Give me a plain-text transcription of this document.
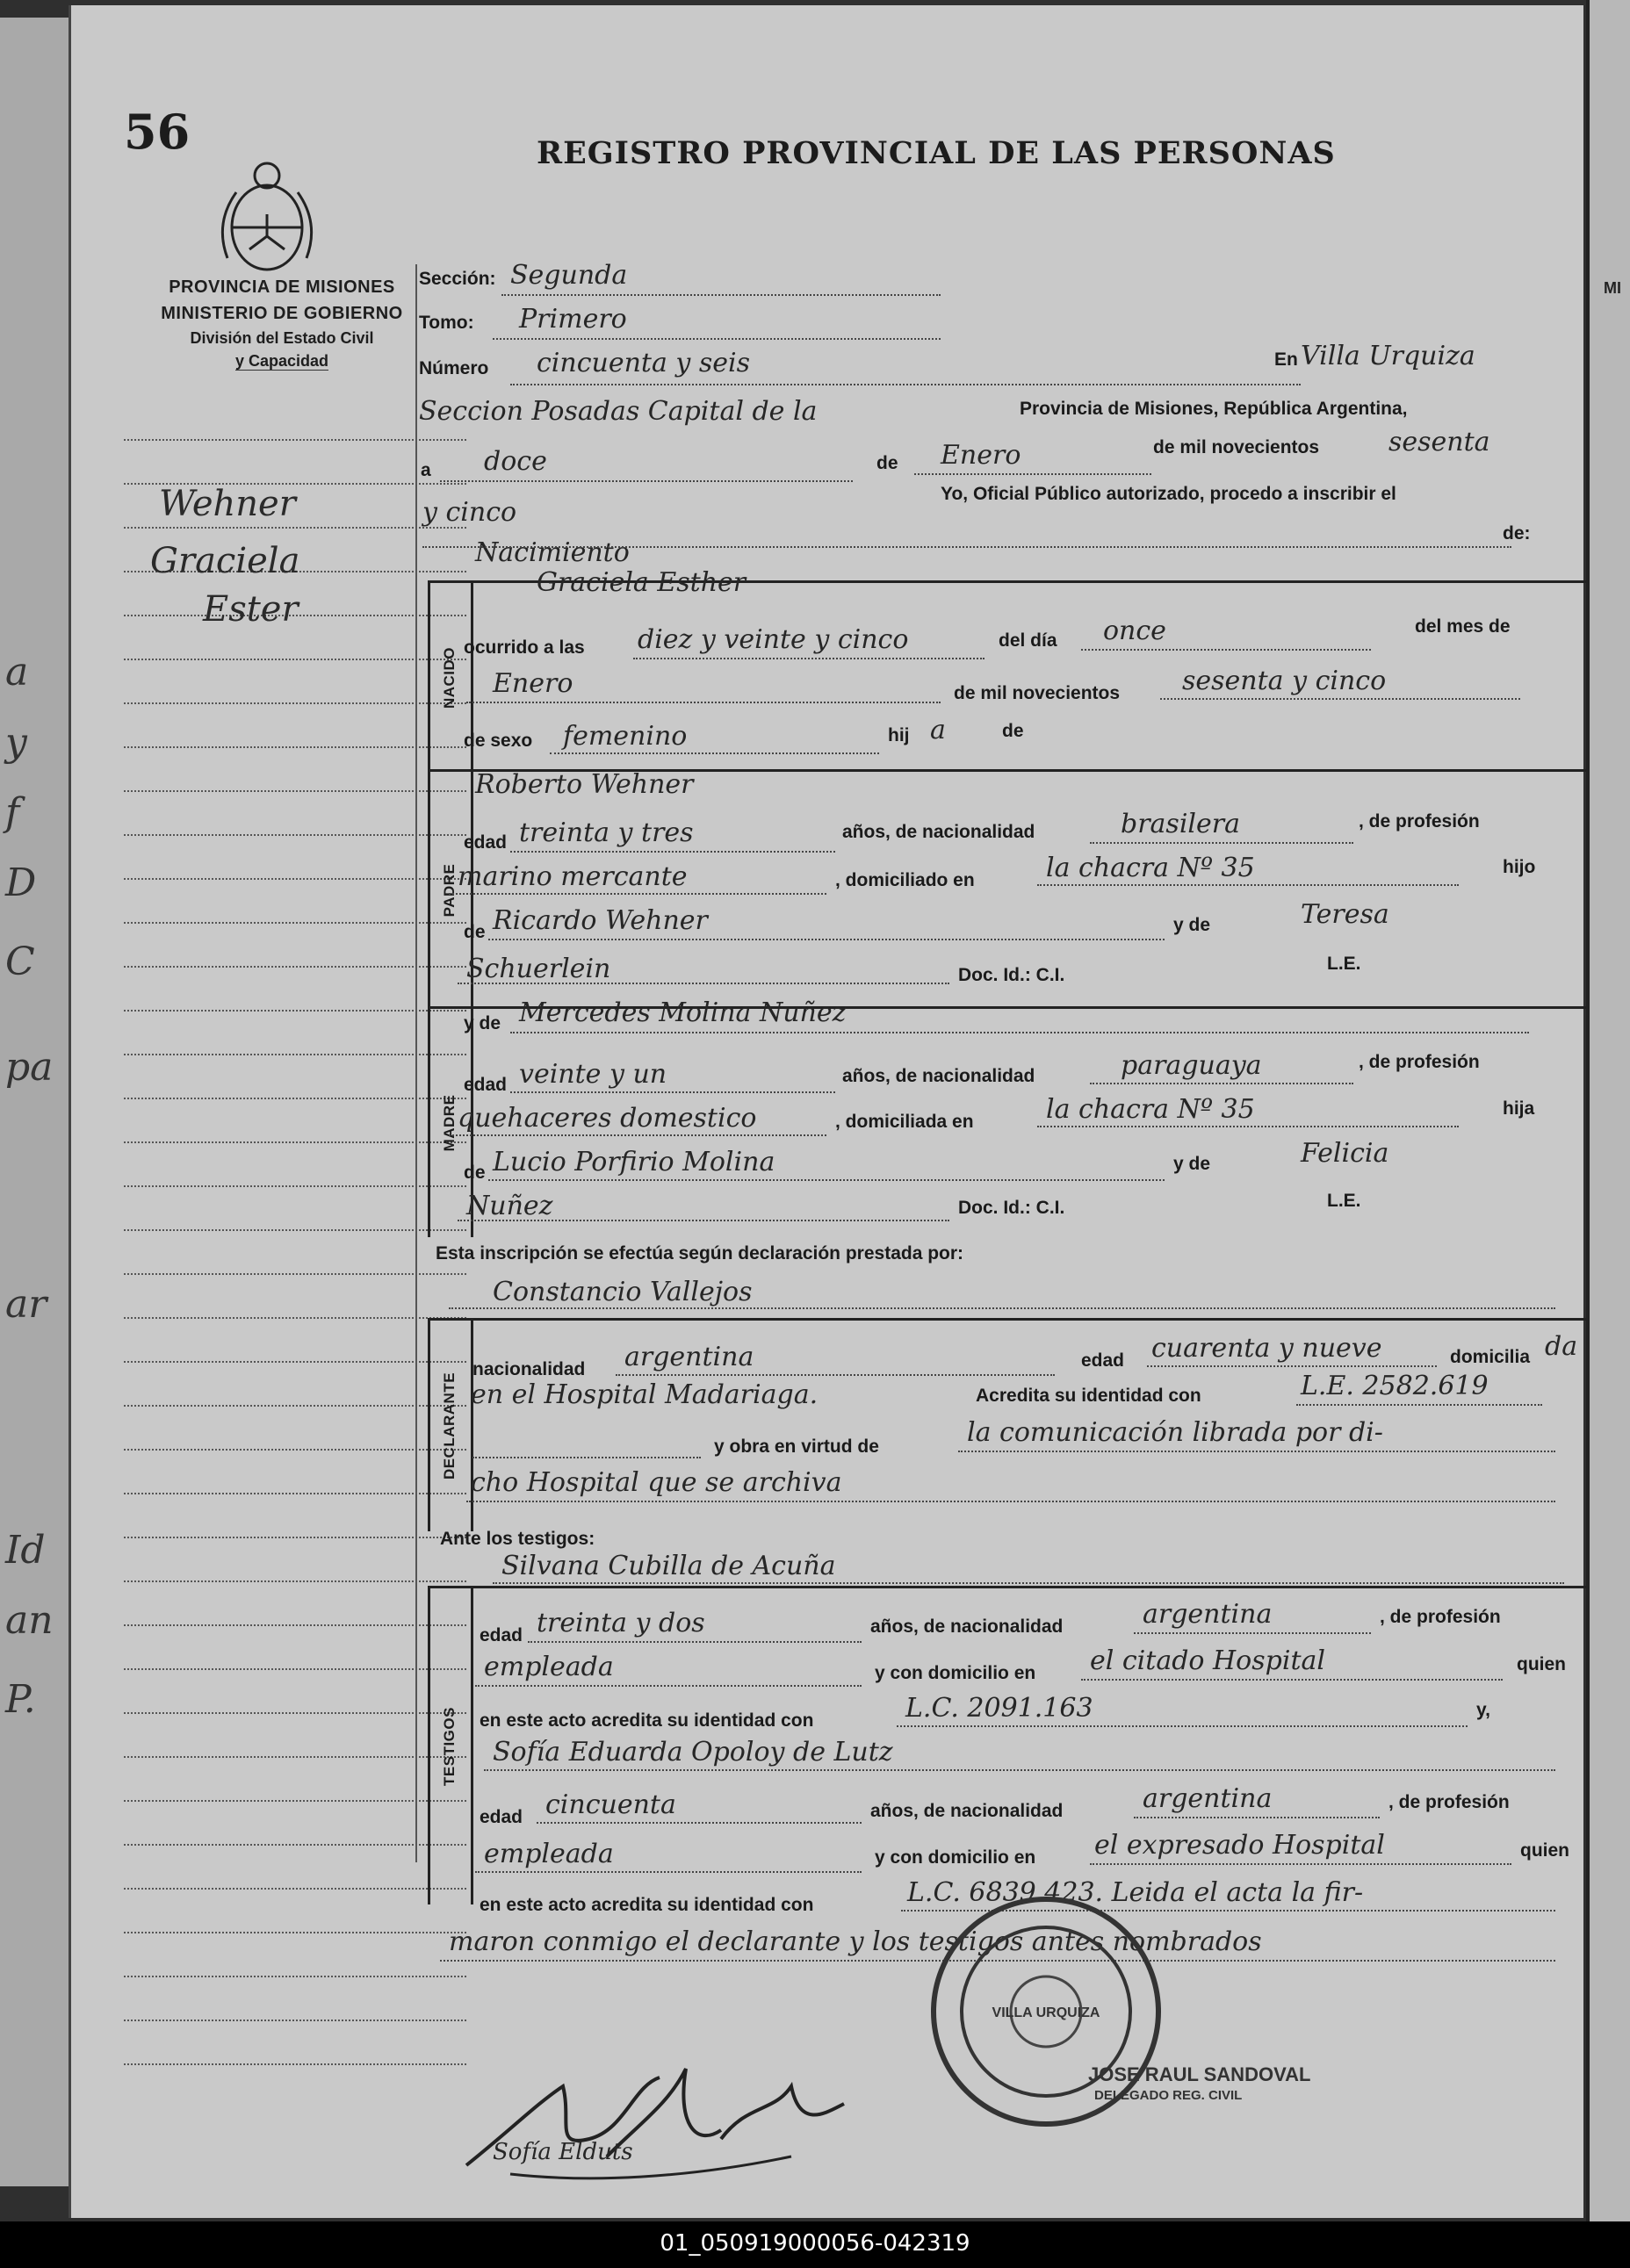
a
y
f
D
C
pa
ar
Id
an
P.
MI
56	REGISTRO PROVINCIAL DE LAS PERSONAS
PROVINCIA DE MISIONES
MINISTERIO DE GOBIERNO
División del Estado Civil
y Capacidad
Wehner
Graciela
Ester
Sección: Segunda
Tomo: Primero
Número cincuenta y seis	En Villa Urquiza
Seccion Posadas Capital de la	Provincia de Misiones, República Argentina,
a doce	de Enero	de mil novecientos	sesenta
y cinco
Yo, Oficial Público autorizado, procedo a inscribir el
Nacimiento
de:
NACIDO
Graciela Esther
ocurrido a las diez y veinte y cinco	del día once	del mes de
Enero	de mil novecientos sesenta y cinco
de sexo femenino	hij a	de
PADRE
Roberto Wehner
edad treinta y tres	años, de nacionalidad	brasilera	, de profesión
marino mercante	, domiciliado en	la chacra Nº 35	hijo
de Ricardo Wehner	y de	Teresa
Schuerlein	Doc. Id.: C.I.
L.E.
MADRE
y de Mercedes Molina Nuñez
edad veinte y un	años, de nacionalidad	paraguaya	, de profesión
quehaceres domestico	, domiciliada en	la chacra Nº 35	hija
de Lucio Porfirio Molina	y de	Felicia
Nuñez	Doc. Id.: C.I.	L.E.
Esta inscripción se efectúa según declaración prestada por:
Constancio Vallejos
DECLARANTE
nacionalidad argentina	edad cuarenta y nueve	domicilia da
en el Hospital Madariaga.	Acredita su identidad con	L.E. 2582.619
y obra en virtud de	la comunicación librada por di-
cho Hospital que se archiva
Ante los testigos:
Silvana Cubilla de Acuña
TESTIGOS
edad treinta y dos	años, de nacionalidad	argentina	, de profesión
empleada	y con domicilio en el citado Hospital	quien
en este acto acredita su identidad con	L.C. 2091.163	y,
Sofía Eduarda Opoloy de Lutz
edad cincuenta	años, de nacionalidad	argentina	, de profesión
empleada	y con domicilio en el expresado Hospital	quien
en este acto acredita su identidad con	L.C. 6839.423. Leida el acta la fir-
maron conmigo el declarante y los testigos antes nombrados
VILLA URQUIZA
JOSE RAUL SANDOVAL
DELEGADO REG. CIVIL
Sofía Elduts
01_050919000056-042319
